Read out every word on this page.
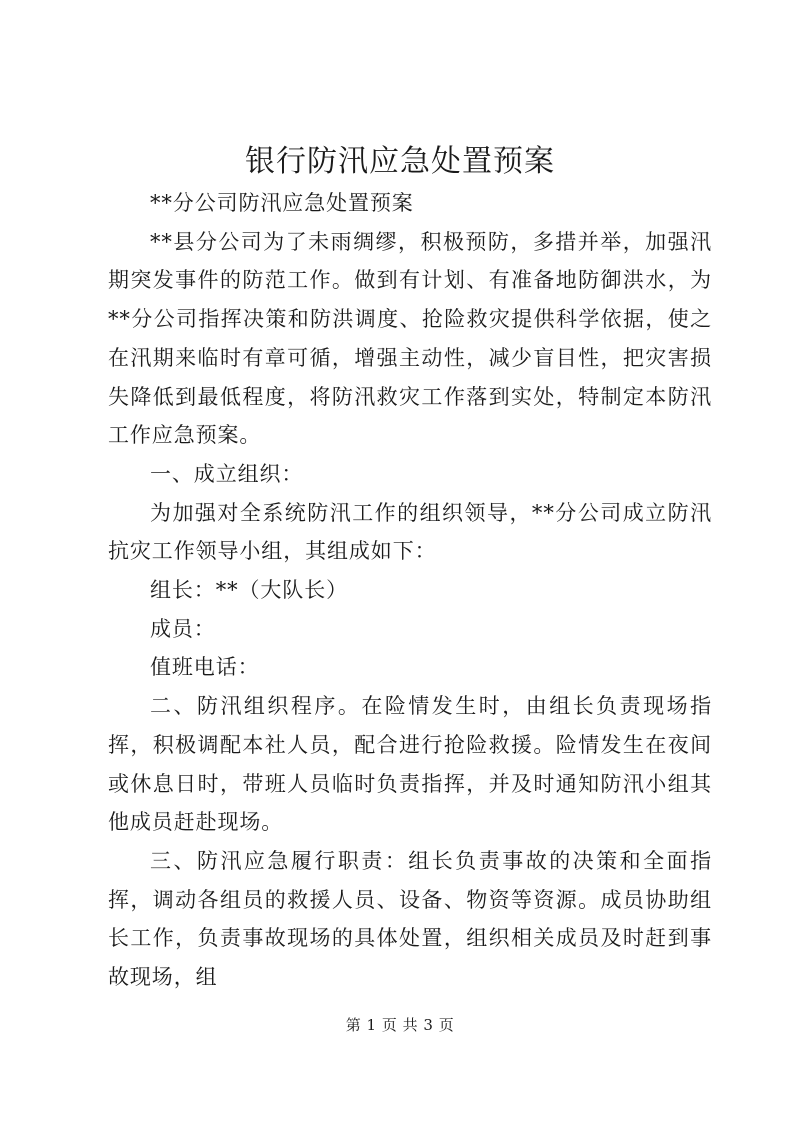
银行防汛应急处置预案

**分公司防汛应急处置预案

**县分公司为了未雨绸缪，积极预防，多措并举，加强汛期突发事件的防范工作。做到有计划、有准备地防御洪水，为**分公司指挥决策和防洪调度、抢险救灾提供科学依据，使之在汛期来临时有章可循，增强主动性，减少盲目性，把灾害损失降低到最低程度，将防汛救灾工作落到实处，特制定本防汛工作应急预案。

一、成立组织：

为加强对全系统防汛工作的组织领导，**分公司成立防汛抗灾工作领导小组，其组成如下：

组长：**（大队长）

成员：

值班电话：

二、防汛组织程序。在险情发生时，由组长负责现场指挥，积极调配本社人员，配合进行抢险救援。险情发生在夜间或休息日时，带班人员临时负责指挥，并及时通知防汛小组其他成员赶赴现场。

三、防汛应急履行职责：组长负责事故的决策和全面指挥，调动各组员的救援人员、设备、物资等资源。成员协助组长工作，负责事故现场的具体处置，组织相关成员及时赶到事故现场，组

第 1 页 共 3 页
